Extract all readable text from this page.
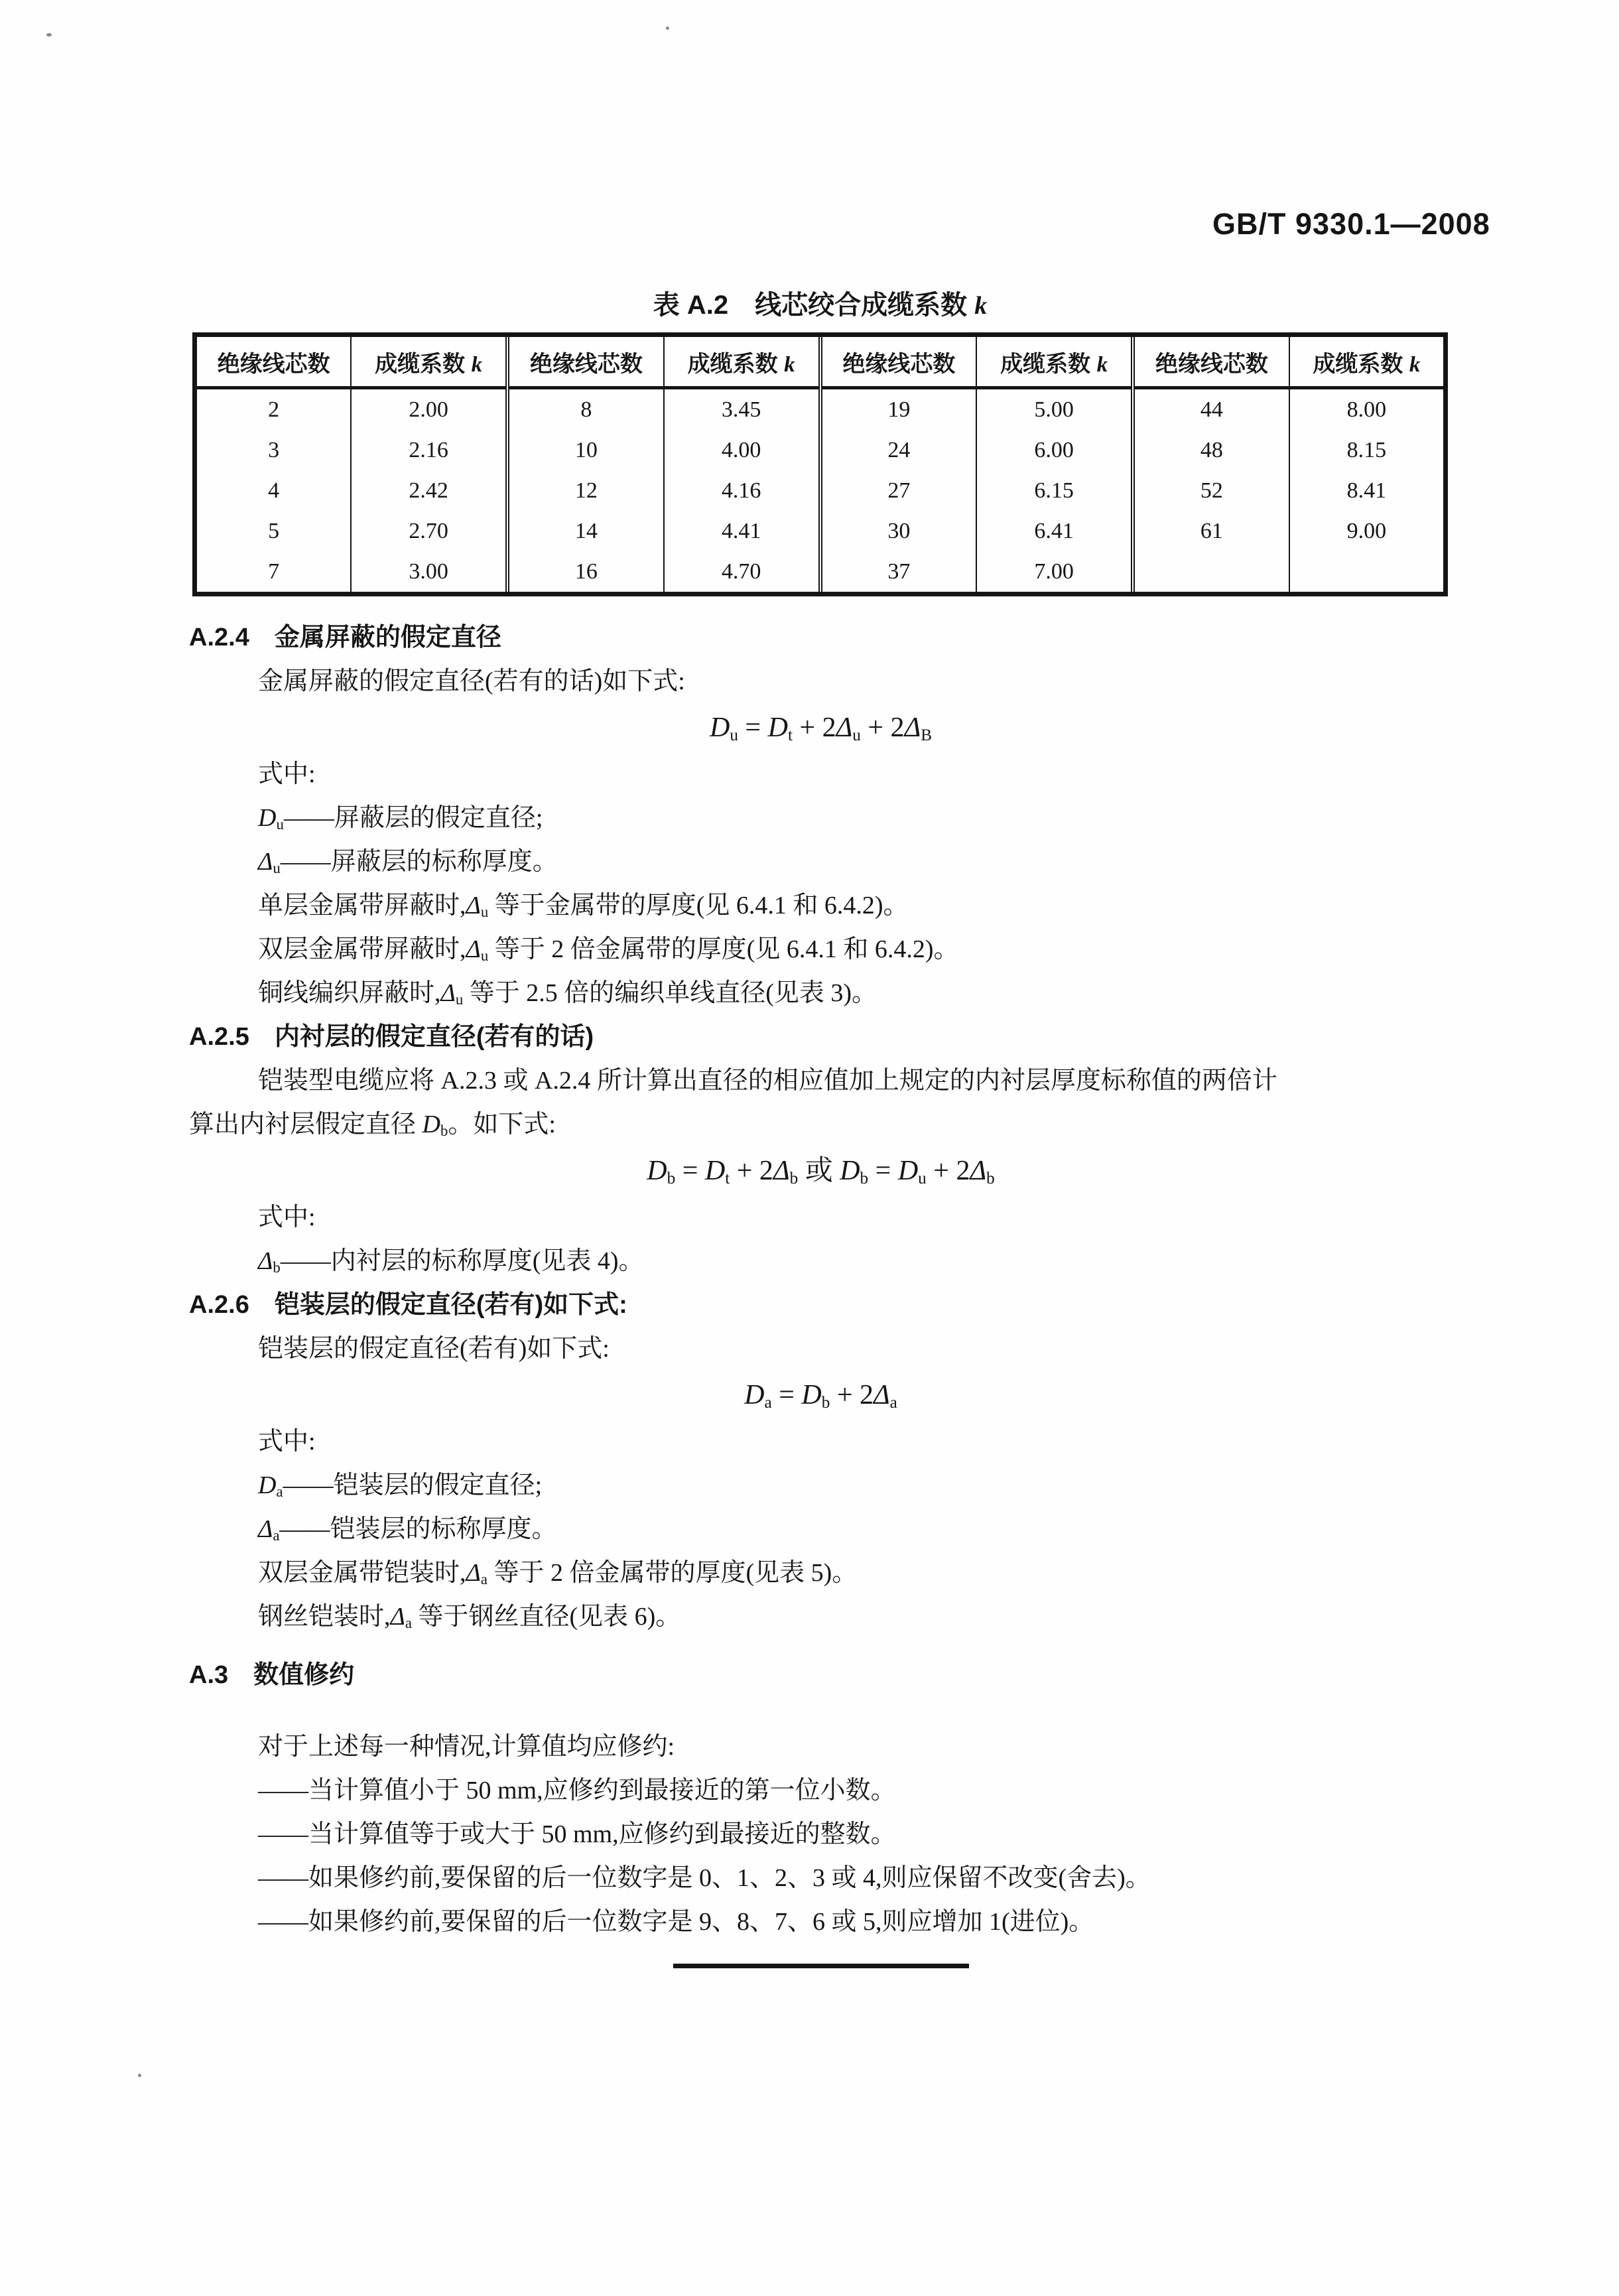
GB/T 9330.1—2008
表 A.2　线芯绞合成缆系数 k
绝缘线芯数	成缆系数 k	绝缘线芯数	成缆系数 k	绝缘线芯数	成缆系数 k	绝缘线芯数	成缆系数 k
2	2.00	8	3.45	19	5.00	44	8.00
3	2.16	10	4.00	24	6.00	48	8.15
4	2.42	12	4.16	27	6.15	52	8.41
5	2.70	14	4.41	30	6.41	61	9.00
7	3.00	16	4.70	37	7.00		
A.2.4　金属屏蔽的假定直径
金属屏蔽的假定直径(若有的话)如下式:
$D_u = D_t + 2\Delta_u + 2\Delta_B$
式中:
$D_u——$屏蔽层的假定直径;
$\Delta_u——$屏蔽层的标称厚度。
单层金属带屏蔽时$,\Delta_u$ 等于金属带的厚度(见 6.4.1 和 6.4.2)。
双层金属带屏蔽时$,\Delta_u$ 等于 2 倍金属带的厚度(见 6.4.1 和 6.4.2)。
铜线编织屏蔽时$,\Delta_u$ 等于 2.5 倍的编织单线直径(见表 3)。
A.2.5　内衬层的假定直径(若有的话)
铠装型电缆应将 A.2.3 或 A.2.4 所计算出直径的相应值加上规定的内衬层厚度标称值的两倍计
算出内衬层假定直径 $D_b$。如下式:
$D_b = D_t + 2\Delta_b$ 或 $D_b = D_u + 2\Delta_b$
式中:
$\Delta_b——$内衬层的标称厚度(见表 4)。
A.2.6　铠装层的假定直径(若有)如下式:
铠装层的假定直径(若有)如下式:
$D_a = D_b + 2\Delta_a$
式中:
$D_a——$铠装层的假定直径;
$\Delta_a——$铠装层的标称厚度。
双层金属带铠装时$,\Delta_a$ 等于 2 倍金属带的厚度(见表 5)。
钢丝铠装时$,\Delta_a$ 等于钢丝直径(见表 6)。
A.3　数值修约
对于上述每一种情况,计算值均应修约:
——当计算值小于 50 mm,应修约到最接近的第一位小数。
——当计算值等于或大于 50 mm,应修约到最接近的整数。
——如果修约前,要保留的后一位数字是 0、1、2、3 或 4,则应保留不改变(舍去)。
——如果修约前,要保留的后一位数字是 9、8、7、6 或 5,则应增加 1(进位)。
